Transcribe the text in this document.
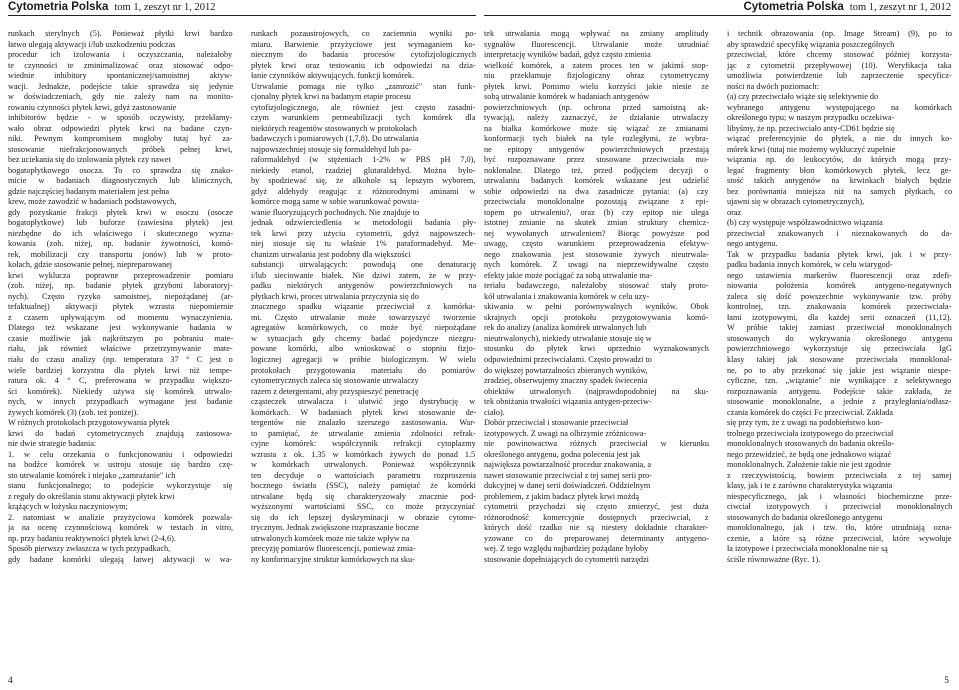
Cytometria Polska tom 1, zeszyt nr 1, 2012	Cytometria Polska tom 1, zeszyt nr 1, 2012
runkach sterylnych (5). Ponieważ płytki krwi bardzo
łatwo ulegają aktywacji i/lub uszkodzeniu podczas
procedur ich izolowania i oczyszczania, należałoby
te czynności te zminimalizować oraz stosować odpo-
wiednie inhibitory spontanicznej/samoistnej aktyw-
wacji. Jednakże, podejście takie sprawdza się jedynie
w doświadczeniach, gdy nie zależy nam na monito-
rowaniu czynności płytek krwi, gdyż zastosowanie
inhibitorów będzie - w sposób oczywisty, przekłamy-
wało obraz odpowiedzi płytek krwi na badane czyn-
niki. Pewnym kompromisem mogłoby tutaj być za-
stosowanie niefrakcjonowanych próbek pełnej krwi,
bez uciekania się do izolowania płytek czy nawet
bogatopłytkowego osocza. To co sprawdza się znako-
micie w badaniach diagnostycznych lub klinicznych,
gdzie najczęściej badanym materiałem jest pełna
krew, może zawodzić w badaniach podstawowych,
gdy pozyskanie frakcji płytek krwi w osoczu (osocze
bogatopłytkowe) lub buforze (zawiesina płytek) jest
niezbędne do ich właściwego i skutecznego wyzna-
kowania (zob. niżej, np. badanie żywotności, komó-
rek, mobilizacji czy transportu jonów) lub w proto-
kołach, gdzie stosowanie pełnej, niepreparowanej
krwi wyklucza poprawne przeprowadzenie pomiaru
(zob. niżej, np. badanie płytek grzyboni laboratoryj-
nych). Często ryzyko samoistnej, niepożądanej (ar-
tefaktualnej) aktywacji płytek wzrasta niepomiernie
z czasem upływającym od momentu wynaczynienia.
Dlatego też wskazane jest wykonywanie badania w
czasie możliwie jak najkrótszym po pobraniu mate-
riału, jak również właściwe przetrzymywanie mate-
riału do czasu analizy (np. temperatura 37 ° C jest o
wiele bardziej korzystna dla płytek krwi niż tempe-
ratura ok. 4 ° C, preferowana w przypadku większo-
ści komórek). Niekiedy używa się komórek utrwalo-
nych, w innych przypadkach wymagane jest badanie
żywych komórek (3) (zob. też poniżej).
W różnych protokołach przygotowywania płytek
krwi do badań cytometrycznych znajdują zastosowa-
nie dwie strategie badania:
1. w celu orzekania o funkcjonowaniu i odpowiedzi
na bodźce komórek w ustroju stosuje się bardzo czę-
sto utrwalanie komórek i niejako „zamrażanie" ich
stanu funkcjonalnego; to podejście wykorzystuje się
z reguły do określania stanu aktywacji płytek krwi
krążących w łożysku naczyniowym;
2. natomiast w analizie przyżyciowa komórek pozwala-
ja na ocenę czynnościową komórek w testach in vitro,
np. przy badaniu reaktywności płytek krwi (2-4,6).
Sposób pierwszy zwłaszcza w tych przypadkach,
gdy badane komórki ulegają łatwej aktywacji w wa-
runkach pozaustrojowych, co zaciemnia wyniki po-
miaru. Barwienie przyżyciowe jest wymaganiem ko-
niecznym do badania procesów cytofizjologicznych
płytek krwi oraz testowaniu ich odpowiedzi na dzia-
łanie czynników aktywujących. funkcji komórek.
Utrwalanie pomaga nie tylko „zamrozić" stan funk-
cjonalny płytek krwi na badanym etapie procesu
cytofizjologicznego, ale również jest często zasadni-
czym warunkiem permeabilizacji tych komórek dla
niektórych reagentów stosowanych w protokołach
badawczych i pomiarowych (1,7,8). Do utrwalania
najpowszechniej stosuje się formaldehyd lub pa-
raformaldehyd (w stężeniach 1-2% w PBS pH 7,0),
niekiedy etanol, rzadziej glutaraldehyd. Można było-
by spodziewać się, że alkohole są lepszym wyborem,
gdyż aldehydy reagując z różnorodnymi aminami w
komórce mogą same w sobie warunkować powsta-
wanie fluoryzujących pochodnych. Nie znajduje to
jednak odzwierciedlenia w metodologii badania pły-
tek krwi przy użyciu cytometrii, gdyż najpowszech-
niej stosuje się tu właśnie 1% paraformadehyd. Me-
chanizm utrwalania jest podobny dla większości
substancji utrwalających: powodują one denaturację
i/lub sieciowanie białek. Nie dziwi zatem, że w przy-
padku niektórych antygenów powierzchniowych na
płytkach krwi, proces utrwalania przyczynia się do
znacznego spadku wiązanie przeciwciał z komórka-
mi. Często utrwalanie może towarzyszyć tworzenie
agregatów komórkowych, co może być niepożądane
w sytuacjach gdy chcemy badać pojedyncze niezgru-
powane komórki, albo wnioskować o stopniu fizjo-
logicznej agregacji w próbie biologicznym. W wielu
protokołach przygotowania materiału do pomiarów
cytometrycznych zaleca się stosowanie utrwalaczy
razem z detergentami, aby przyspieszyć penetrację
cząsteczek utrwalacza i ułatwić jego dystrybucję w
komórkach. W badaniach płytek krwi stosowanie de-
tergentów nie znalazło szerszego zastosowania. War-
to pamiętać, że utrwalanie zmienia zdolności refrak-
cyjne komórek: współczynnik refrakcji cytoplazmy
wzrasta z ok. 1.35 w komórkach żywych do ponad 1.5
w komórkach utrwalonych. Ponieważ współczynnik
ten decyduje o wartościach parametru rozproszenia
bocznego światła (SSC), należy pamiętać że komórki
utrwalane będą się charakteryzowały znacznie pod-
wyższonymi wartościami SSC, co może przyczyniać
się do ich lepszej dyskryminacji w obrazie cytome-
trycznym. Jednak zwiększone rozpraszanie boczne
utrwalonych komórek może nie także wpływ na
precyzję pomiarów fluorescencji, ponieważ zmia-
ny konformacyjne struktur komórkowych na sku-
tek utrwalania mogą wpływać na zmiany amplitudy
sygnałów fluorescencji. Utrwalanie może utrudniać
interpretację wyników badań, gdyż często zmienia
wielkość komórek, a zatem proces ten w jakimś stop-
niu przekłamuje fizjologiczny obraz cytometryczny
płytek krwi. Pomimo wielu korzyści jakie niesie ze
sobą utrwalanie komórek w badaniach antygenów
powierzchniowych (np. ochrona przed samoistną ak-
tywacją), należy zaznaczyć, że działanie utrwalaczy
na białka komórkowe może się wiązać ze zmianami
konformacji tych białek na tyle rozległymi, że wybra-
ne epitopy antygenów powierzchniowych przestają
być rozpoznawane przez stosowane przeciwciała mo-
noklonalne. Dlatego też, przed podjęciem decyzji o
utrwalaniu badanych komórek wskazane jest udzielić
sobie odpowiedzi na dwa zasadnicze pytania: (a) czy
przeciwciała monoklonalne pozostają związane z epi-
topem po utrwaleniu?, oraz (b) czy epitop nie ulega
istotnej zmianie na skutek zmian struktury chemicz-
nej wywołanych utrwaleniem? Biorąc powyższe pod
uwagę, często warunkiem przeprowadzenia efektyw-
nego znakowania jest stosowanie żywych nieutrwala-
nych komórek. Z uwagi na nieprzewidywalne często
efekty jakie może pociągać za sobą utrwalanie ma-
teriału badawczego, należałoby stosować stały proto-
kół utrwalania i znakowania komórek w celu uzy-
skiwania w pełni porównywalnych wyników. Obok
skrajnych opcji protokołu przygotowywania komó-
rek do analizy (analiza komórek utrwalonych lub
nieutrwalonych), niekiedy utrwalanie stosuje się w
stosunku do płytek krwi uprzednio wyznakowanych
odpowiednimi przeciwciałami. Często prowadzi to
do większej powtarzalności zbieranych wyników,
zradziej, obserwujemy znaczny spadek świecenia
obiektów utrwalonych (najprawdopodobniej na sku-
tek obniżania trwałości wiązania antygen-przeciw-
ciało).
Dobór przeciwciał i stosowanie przeciwciał
izotypowych. Z uwagi na olbrzymie zróżnicowa-
nie powinowactwa różnych przeciwciał w kierunku
określonego antygenu, godna polecenia jest jak
największa powtarzalność procedur znakowania, a
nawet stosowanie przeciwciał z tej samej serii pro-
dukcyjnej w danej serii doświadczeń. Oddzielnym
problemem, z jakim badacz płytek krwi możdą
cytometrii przychodzi się często zmierzyć, jest duża
różnorodność komercyjnie dostępnych przeciwciał, z
których dość rzadko nie są niestety dokładnie charakter-
yzowane co do preparowanej determinanty antygeno-
wej. Z tego względu najbardziej pożądane byłoby
stosowanie dopełniających do cytometrii narzędzi
i technik obrazowania (np. Image Stream) (9), po to
aby sprawdzić specyfikę wiązania poszczególnych
przeciwciał, które chcemy stosować później korzysta-
jąc z cytometrii przepływowej (10). Weryfikacja taka
umożliwia potwierdzenie lub zaprzeczenie specyficz-
ności na dwóch poziomach:
(a) czy przeciwciało wiąże się selektywnie do
wybranego antygenu występującego na komórkach
określonego typu; w naszym przypadku oczekiwa-
libyśmy, że np. przeciwciało anty-CD61 będzie się
wiązać preferencyjnie do płytek, a nie do innych ko-
mórek krwi (tutaj nie możemy wykluczyć zupełnie
wiązania np. do leukocytów, do których mogą przy-
legać fragmenty błon komórkowych płytek, lecz ge-
stość takich antygenów na krwinkach białych będzie
bez porównania mniejsza niż na samych płytkach, co
ujawni się w obrazach cytometrycznych),
oraz
(b) czy występuje współzawodnictwo wiązania
przeciwciał znakowanych i nieznakowanych do da-
nego antygenu.
Tak w przypadku badania płytek krwi, jak i w przy-
padku badania innych komórek, w celu wiarygod-
nego ustawienia markerów fluorescencji oraz zdefi-
niowania położenia komórek antygeno-negatywnych
zaleca się dość powszechnie wykonywanie tzw. próby
kontrolnej, tzn. znakowania komórek przeciwciała-
łami izotypowymi, dla każdej serii oznaczeń (11,12).
W próbie takiej zamiast przeciwciał monoklonalnych
stosowanych do wykrywania określonego antygenu
powierzchniowego wykorzystuje się przeciwciała IgG
klasy takiej jak stosowane przeciwciała monoklonal-
ne, po to aby przekonać się jakie jest wiązanie niespe-
cyficzne, tzn. „wiązanie" nie wynikające z selektywnego
rozpoznawania antygenu. Podejście takie zakłada, że
stosowanie monoklonalne, a jednie z przyległania/odłasz-
czania komórek do części Fc przeciwciał. Zakłada
się przy tym, że z uwagi na podobieństwo kon-
trolnego przeciwciała izotypowego do przeciwciał
monoklonalnych stosowanych do badania określo-
nego przewidzieć, że będą one jednakowo wiązać
monoklonalnych. Założenie takie nie jest zgodnie
z rzeczywistością, bowiem przeciwciała z tej samej
klasy, jak i te z zarówno charakterystyka wiązania
niespecyficznego, jak i własności biochemiczne prze-
ciwciał izotypowych i przeciwciał monoklonalnych
stosowanych do badania określonego antygenu
monoklonalnego, jak i tzw. tło, które utrudniają ozna-
czenie, a które są różne przeciwciał, które wywołuje
ła izotypowe i przeciwciała monoklonalne nie są
ściśle równoważne (Ryc. 1).
4	5
